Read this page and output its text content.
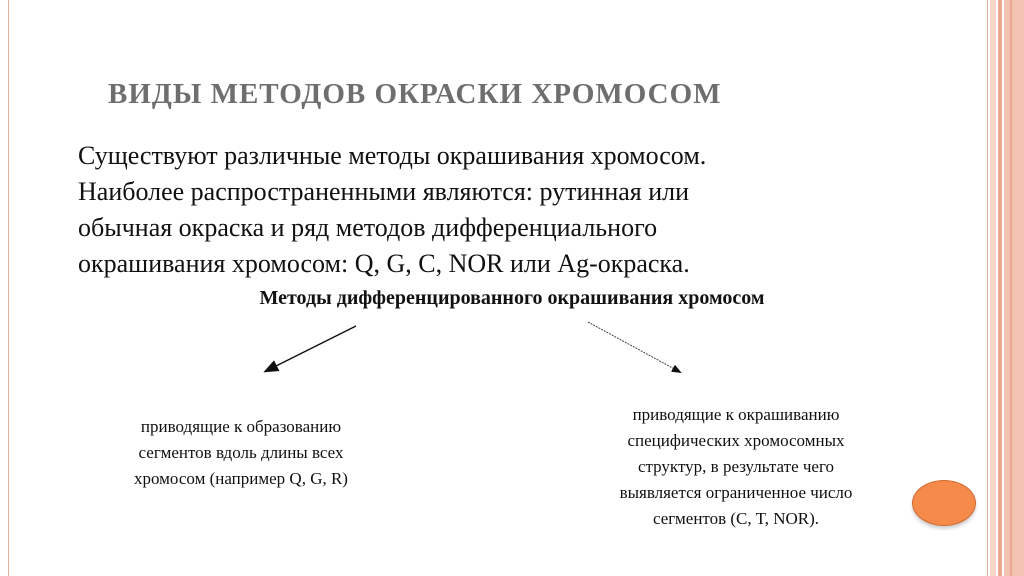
ВИДЫ МЕТОДОВ ОКРАСКИ ХРОМОСОМ

Существуют различные методы окрашивания хромосом.

Наиболее распространенными являются: рутинная или

обычная окраска и ряд методов дифференциального

окрашивания хромосом: Q, G, C, NOR или Ag-окраска.

Методы дифференцированного окрашивания хромосом
приводящие к образованию
сегментов вдоль длины всех
хромосом (например Q, G, R)
приводящие к окрашиванию
специфических хромосомных
структур, в результате чего
выявляется ограниченное число
сегментов (C, T, NOR).
